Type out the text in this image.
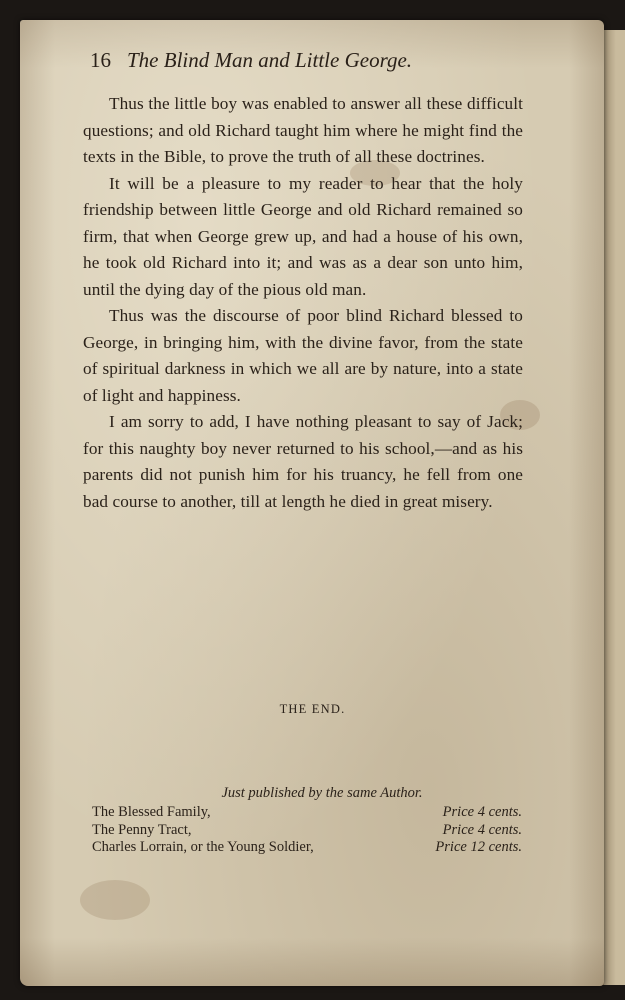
16 The Blind Man and Little George.

Thus the little boy was enabled to answer all these difficult questions; and old Richard taught him where he might find the texts in the Bible, to prove the truth of all these doctrines.

It will be a pleasure to my reader to hear that the holy friendship between little George and old Richard remained so firm, that when George grew up, and had a house of his own, he took old Richard into it; and was as a dear son unto him, until the dying day of the pious old man.

Thus was the discourse of poor blind Richard blessed to George, in bringing him, with the divine favor, from the state of spiritual darkness in which we all are by nature, into a state of light and happiness.

I am sorry to add, I have nothing pleasant to say of Jack; for this naughty boy never returned to his school,—and as his parents did not punish him for his truancy, he fell from one bad course to another, till at length he died in great misery.

THE END.
Just published by the same Author.
The Blessed Family,	Price 4 cents.
The Penny Tract,	Price 4 cents.
Charles Lorrain, or the Young Soldier,	Price 12 cents.
